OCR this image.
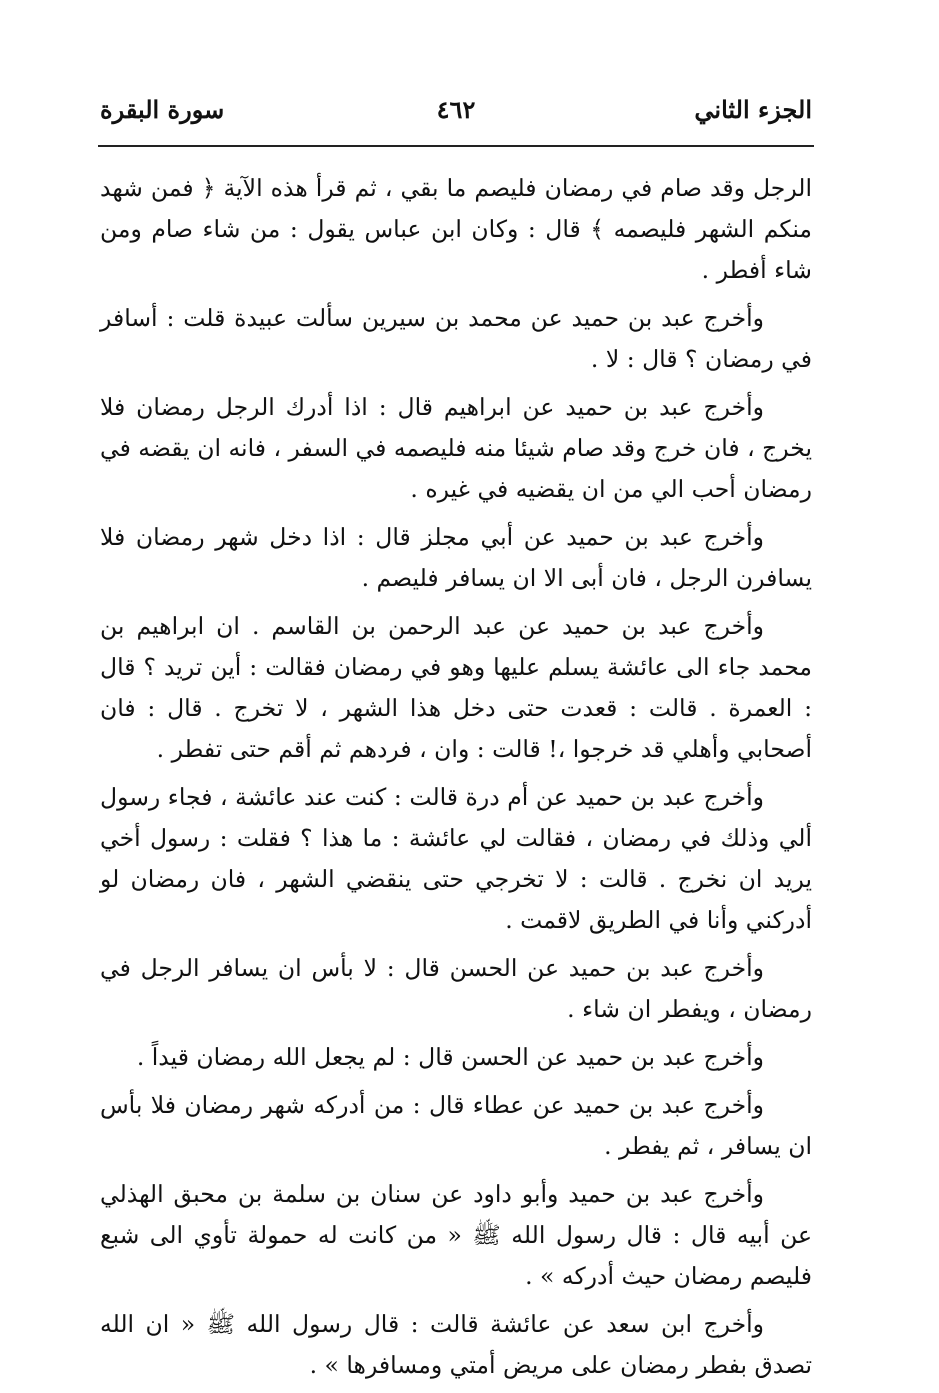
الجزء الثاني
٤٦٢
سورة البقرة

الرجل وقد صام في رمضان فليصم ما بقي ، ثم قرأ هذه الآية ﴿ فمن شهد منكم الشهر فليصمه ﴾ قال : وكان ابن عباس يقول : من شاء صام ومن شاء أفطر .

وأخرج عبد بن حميد عن محمد بن سيرين سألت عبيدة قلت : أسافر في رمضان ؟ قال : لا .

وأخرج عبد بن حميد عن ابراهيم قال : اذا أدرك الرجل رمضان فلا يخرج ، فان خرج وقد صام شيئا منه فليصمه في السفر ، فانه ان يقضه في رمضان أحب الي من ان يقضيه في غيره .

وأخرج عبد بن حميد عن أبي مجلز قال : اذا دخل شهر رمضان فلا يسافرن الرجل ، فان أبى الا ان يسافر فليصم .

وأخرج عبد بن حميد عن عبد الرحمن بن القاسم . ان ابراهيم بن محمد جاء الى عائشة يسلم عليها وهو في رمضان فقالت : أين تريد ؟ قال : العمرة . قالت : قعدت حتى دخل هذا الشهر ، لا تخرج . قال : فان أصحابي وأهلي قد خرجوا ،! قالت : وان ، فردهم ثم أقم حتى تفطر .

وأخرج عبد بن حميد عن أم درة قالت : كنت عند عائشة ، فجاء رسول ألي وذلك في رمضان ، فقالت لي عائشة : ما هذا ؟ فقلت : رسول أخي يريد ان نخرج . قالت : لا تخرجي حتى ينقضي الشهر ، فان رمضان لو أدركني وأنا في الطريق لاقمت .

وأخرج عبد بن حميد عن الحسن قال : لا بأس ان يسافر الرجل في رمضان ، ويفطر ان شاء .

وأخرج عبد بن حميد عن الحسن قال : لم يجعل الله رمضان قيداً .

وأخرج عبد بن حميد عن عطاء قال : من أدركه شهر رمضان فلا بأس ان يسافر ، ثم يفطر .

وأخرج عبد بن حميد وأبو داود عن سنان بن سلمة بن محبق الهذلي عن أبيه قال : قال رسول الله ﷺ « من كانت له حمولة تأوي الى شبع فليصم رمضان حيث أدركه » .

وأخرج ابن سعد عن عائشة قالت : قال رسول الله ﷺ « ان الله تصدق بفطر رمضان على مريض أمتي ومسافرها » .
